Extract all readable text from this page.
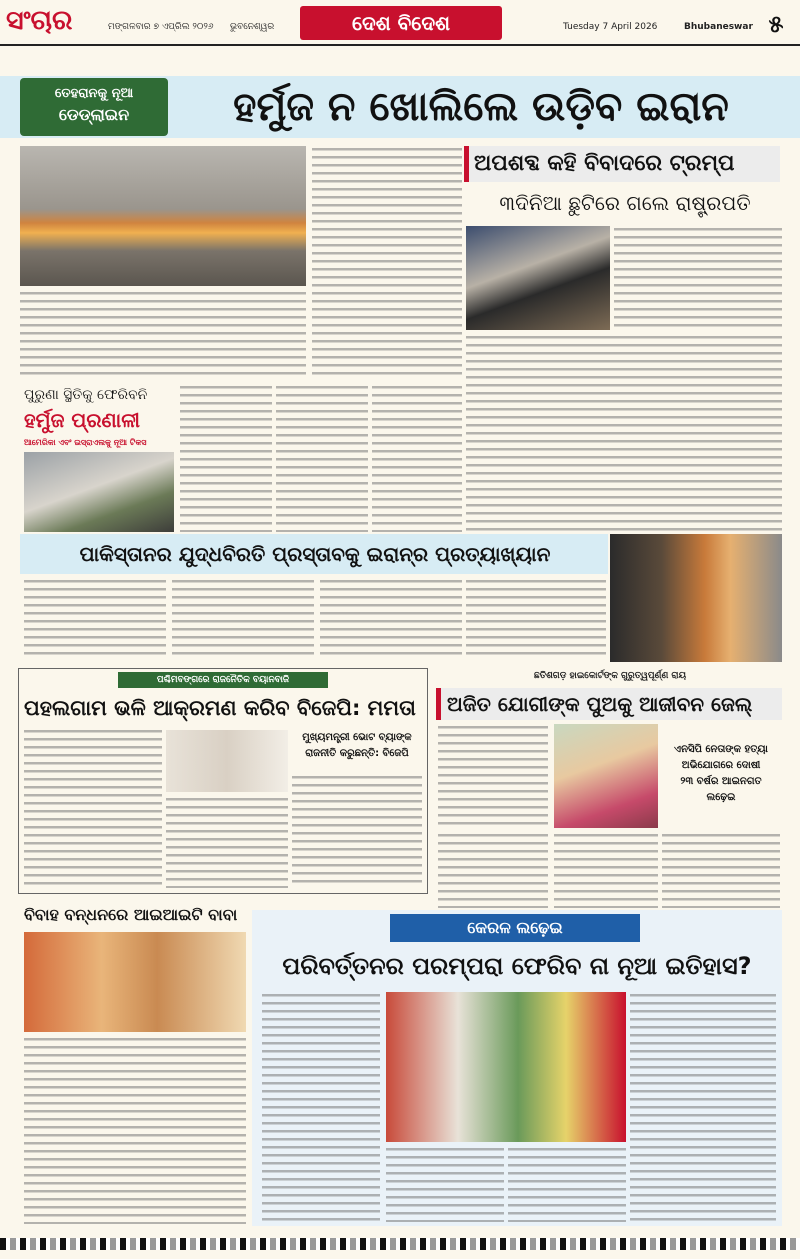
ସଂଚାର	ମଙ୍ଗଳବାର ୭ ଏପ୍ରିଲ ୨୦୨୬	ଭୁବନେଶ୍ୱର	ଦେଶ ବିଦେଶ	Tuesday 7 April 2026	Bhubaneswar ୫
ତେହରାନକୁ ନୂଆ
ଡେଡ୍‌ଲାଇନ	ହର୍ମୁଜ ନ ଖୋଲିଲେ ଉଡ଼ିବ ଇରାନ
ଅପଶବ୍ଦ କହି ବିବାଦରେ ଟ୍ରମ୍ପ
୩ଦିନିଆ ଛୁଟିରେ ଗଲେ ରାଷ୍ଟ୍ରପତି
ପୁରୁଣା ସ୍ଥିତିକୁ ଫେରିବନି
ହର୍ମୁଜ ପ୍ରଣାଳୀ
ଆମେରିକା ଏବଂ ଇସ୍ରାଏଲକୁ ନୂଆ ଟିକସ
ପାକିସ୍ତାନର ଯୁଦ୍ଧବିରତି ପ୍ରସ୍ତାବକୁ ଇରାନ୍‌ର ପ୍ରତ୍ୟାଖ୍ୟାନ
ପଶ୍ଚିମବଙ୍ଗରେ ରାଜନୈତିକ ବୟାନବାଜି
ପହଲଗାମ ଭଳି ଆକ୍ରମଣ କରିବ ବିଜେପି: ମମତା
ମୁଖ୍ୟମନ୍ତ୍ରୀ ଭୋଟ ବ୍ୟାଙ୍କ
ରାଜନୀତି କରୁଛନ୍ତି: ବିଜେପି
ଛତିଶଗଡ଼ ହାଇକୋର୍ଟଙ୍କ ଗୁରୁତ୍ୱପୂର୍ଣ୍ଣ ରାୟ
ଅଜିତ ଯୋଗୀଙ୍କ ପୁଅକୁ ଆଜୀବନ ଜେଲ୍
ଏନସିପି ନେତାଙ୍କ ହତ୍ୟା
ଅଭିଯୋଗରେ ଦୋଷୀ
୨୩ ବର୍ଷର ଆଇନଗତ
ଲଢ଼େଇ
ବିବାହ ବନ୍ଧନରେ ଆଇଆଇଟି ବାବା
କେରଳ ଲଢ଼େଇ
ପରିବର୍ତ୍ତନର ପରମ୍ପରା ଫେରିବ ନା ନୂଆ ଇତିହାସ?
